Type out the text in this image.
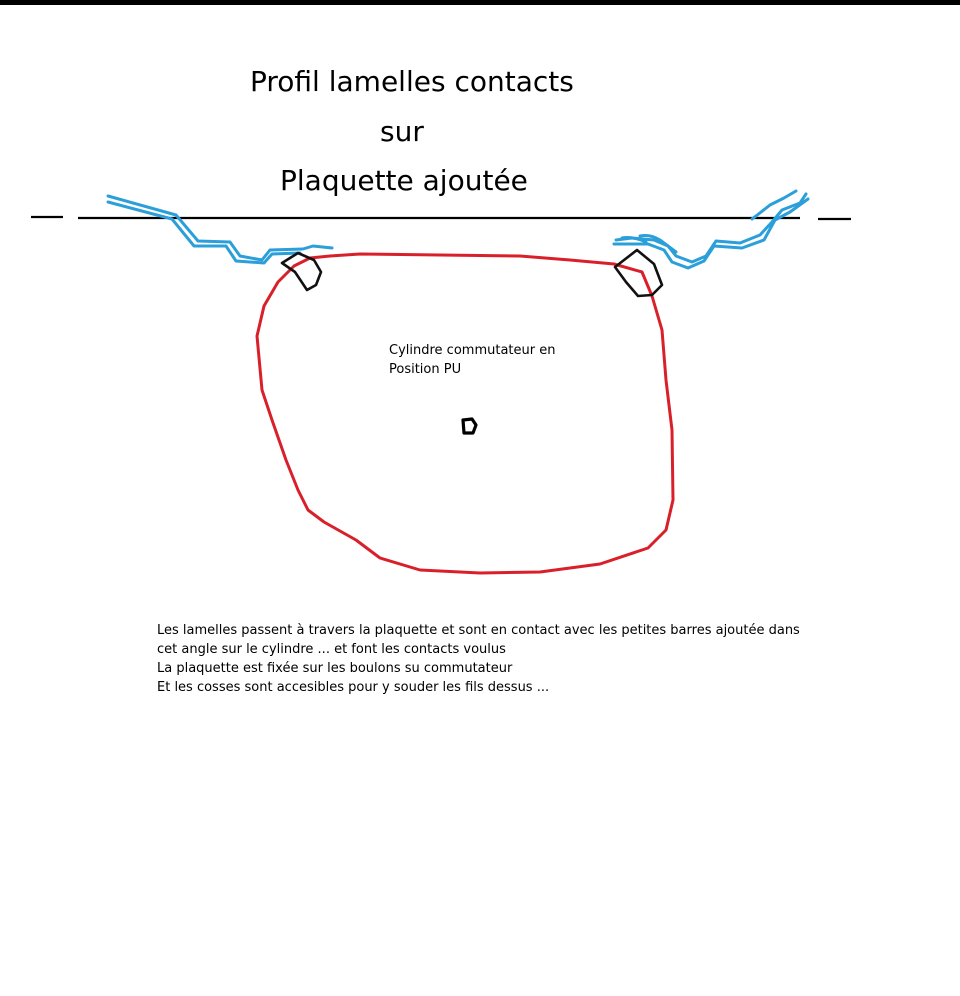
Profil lamelles contacts
sur
Plaquette ajoutée
Cylindre commutateur en
Position PU
Les lamelles passent à travers la plaquette et sont en contact avec les petites barres ajoutée dans
cet angle sur le cylindre ... et font les contacts voulus
La plaquette est fixée sur les boulons su commutateur
Et les cosses sont accesibles pour y souder les fils dessus ...
